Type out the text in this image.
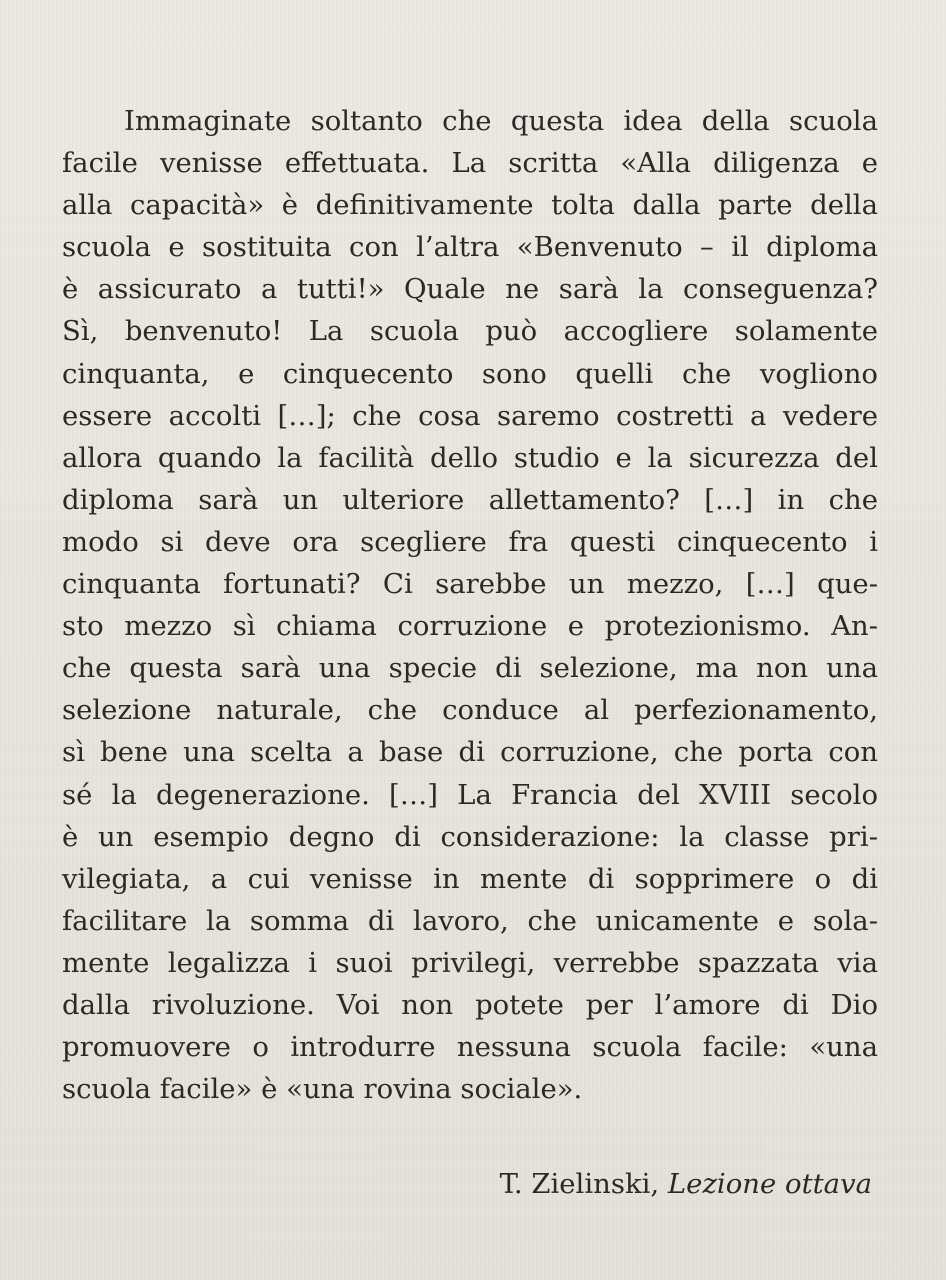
Immaginate soltanto che questa idea della scuola
facile venisse effettuata. La scritta «Alla diligenza e
alla capacità» è definitivamente tolta dalla parte della
scuola e sostituita con l’altra «Benvenuto – il diploma
è assicurato a tutti!» Quale ne sarà la conseguenza?
Sì, benvenuto! La scuola può accogliere solamente
cinquanta, e cinquecento sono quelli che vogliono
essere accolti […]; che cosa saremo costretti a vedere
allora quando la facilità dello studio e la sicurezza del
diploma sarà un ulteriore allettamento? […] in che
modo si deve ora scegliere fra questi cinquecento i
cinquanta fortunati? Ci sarebbe un mezzo, […] que-
sto mezzo sì chiama corruzione e protezionismo. An-
che questa sarà una specie di selezione, ma non una
selezione naturale, che conduce al perfezionamento,
sì bene una scelta a base di corruzione, che porta con
sé la degenerazione. […] La Francia del XVIII secolo
è un esempio degno di considerazione: la classe pri-
vilegiata, a cui venisse in mente di sopprimere o di
facilitare la somma di lavoro, che unicamente e sola-
mente legalizza i suoi privilegi, verrebbe spazzata via
dalla rivoluzione. Voi non potete per l’amore di Dio
promuovere o introdurre nessuna scuola facile: «una
scuola facile» è «una rovina sociale».
T. Zielinski, Lezione ottava
